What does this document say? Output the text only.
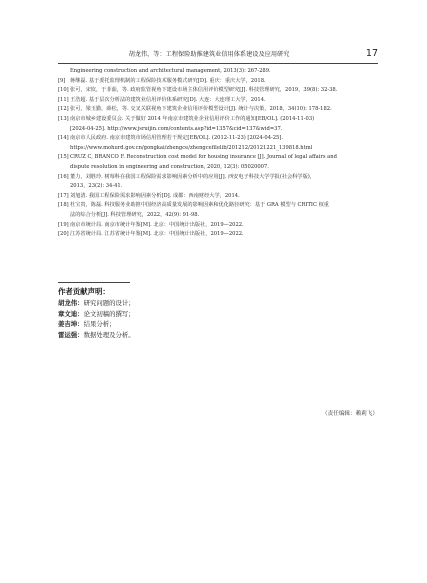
胡龙伟，等：工程保险助推建筑业信用体系建设及应用研究	17
Engineering construction and architectural management, 2013(3): 267-289.
[9] 蒋继磊. 基于委托监理机制的工程保险技术服务模式研究[D]. 重庆：重庆大学，2018.
[10] 张可，宋钦，于菲茹，等. 政府监管视角下建设市场主体信用评价模型研究[J]. 科技管理研究，2019，39(8): 32-38.
[11] 王浩超. 基于层次分析法的建筑业信用评价体系研究[D]. 大连：大连理工大学，2014.
[12] 张可，梁玉勤，薛松，等. 交叉关联视角下建筑企业信用评价模型设计[J]. 统计与决策，2018，34(10): 178-182.
[13] 南京市城乡建设委员会. 关于做好 2014 年南京市建筑业企业信用评价工作的通知[EB/OL]. (2014-11-03)
[2024-04-25]. http://www.jsruijin.com/contents.asp?id=1357&cid=137&wid=37.
[14] 南京市人民政府. 南京市建筑市场信用管理若干规定[EB/OL]. (2012-11-23) [2024-04-25].
https://www.mohurd.gov.cn/gongkai/zhengce/zhengcefilelib/201212/20121221_139818.html
[15] CRUZ C, BRANCO F. Reconstruction cost model for housing insurance [J]. Journal of legal affairs and
dispute resolution in engineering and construction, 2020, 12(3): 05020007.
[16] 董力，刘胜玲. 树莓科在我国工程保险需求影响因素分析中的应用[J]. 西安电子科技大学学报(社会科学版)，
2013，23(2): 34-41.
[17] 刘旭清. 我国工程保险需求影响因素分析[D]. 成都：西南财经大学，2014.
[18] 杜宝贵，陈磊. 科技服务业助推中国经济高质量发展的影响因素和优化路径研究：基于 GRA 模型与 CRITIC 权重
法的综合分析[J]. 科技管理研究，2022，42(9): 91-98.
[19] 南京市统计局. 南京市统计年鉴[M]. 北京：中国统计出版社，2019—2022.
[20] 江苏省统计局. 江苏省统计年鉴[M]. 北京：中国统计出版社，2019—2022.
作者贡献声明：
胡龙伟：研究问题的设计；
章文迪：论文初稿的撰写；
姜吉坤：结果分析；
雷运强：数据处理及分析。
（责任编辑：赖莉飞）
